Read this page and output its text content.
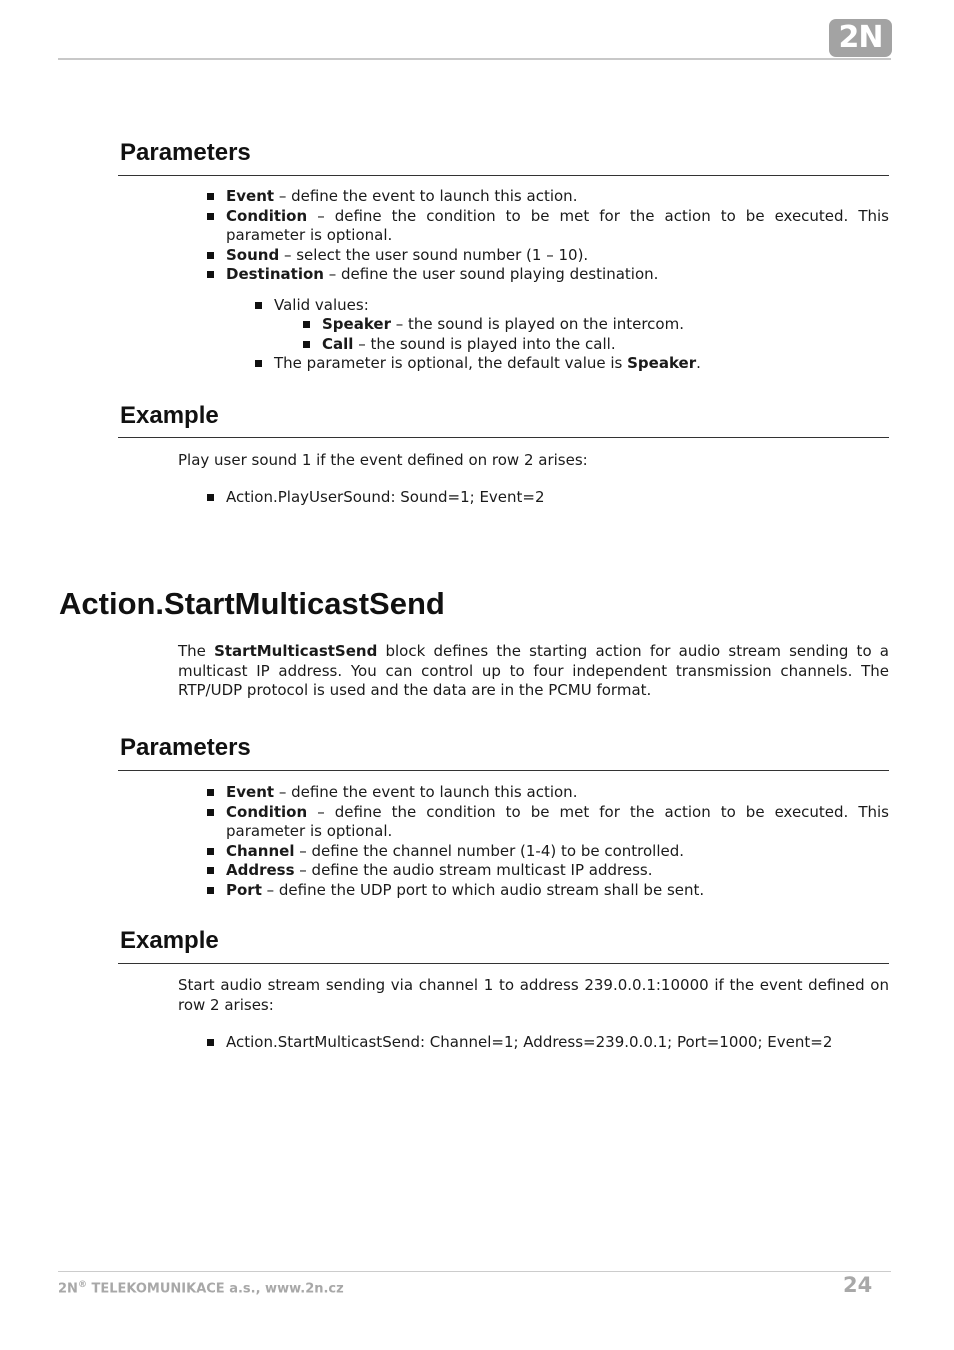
2N
Parameters
Event – define the event to launch this action.
Condition – define the condition to be met for the action to be executed. This parameter is optional.
Sound – select the user sound number (1 – 10).
Destination – define the user sound playing destination.
Valid values:
Speaker – the sound is played on the intercom.
Call – the sound is played into the call.
The parameter is optional, the default value is Speaker.
Example
Play user sound 1 if the event defined on row 2 arises:
Action.PlayUserSound: Sound=1; Event=2
Action.StartMulticastSend
The StartMulticastSend block defines the starting action for audio stream sending to a multicast IP address. You can control up to four independent transmission channels. The RTP/UDP protocol is used and the data are in the PCMU format.
Parameters
Event – define the event to launch this action.
Condition – define the condition to be met for the action to be executed. This parameter is optional.
Channel – define the channel number (1-4) to be controlled.
Address – define the audio stream multicast IP address.
Port – define the UDP port to which audio stream shall be sent.
Example
Start audio stream sending via channel 1 to address 239.0.0.1:10000 if the event defined on row 2 arises:
Action.StartMulticastSend: Channel=1; Address=239.0.0.1; Port=1000; Event=2
2N® TELEKOMUNIKACE a.s., www.2n.cz	24
